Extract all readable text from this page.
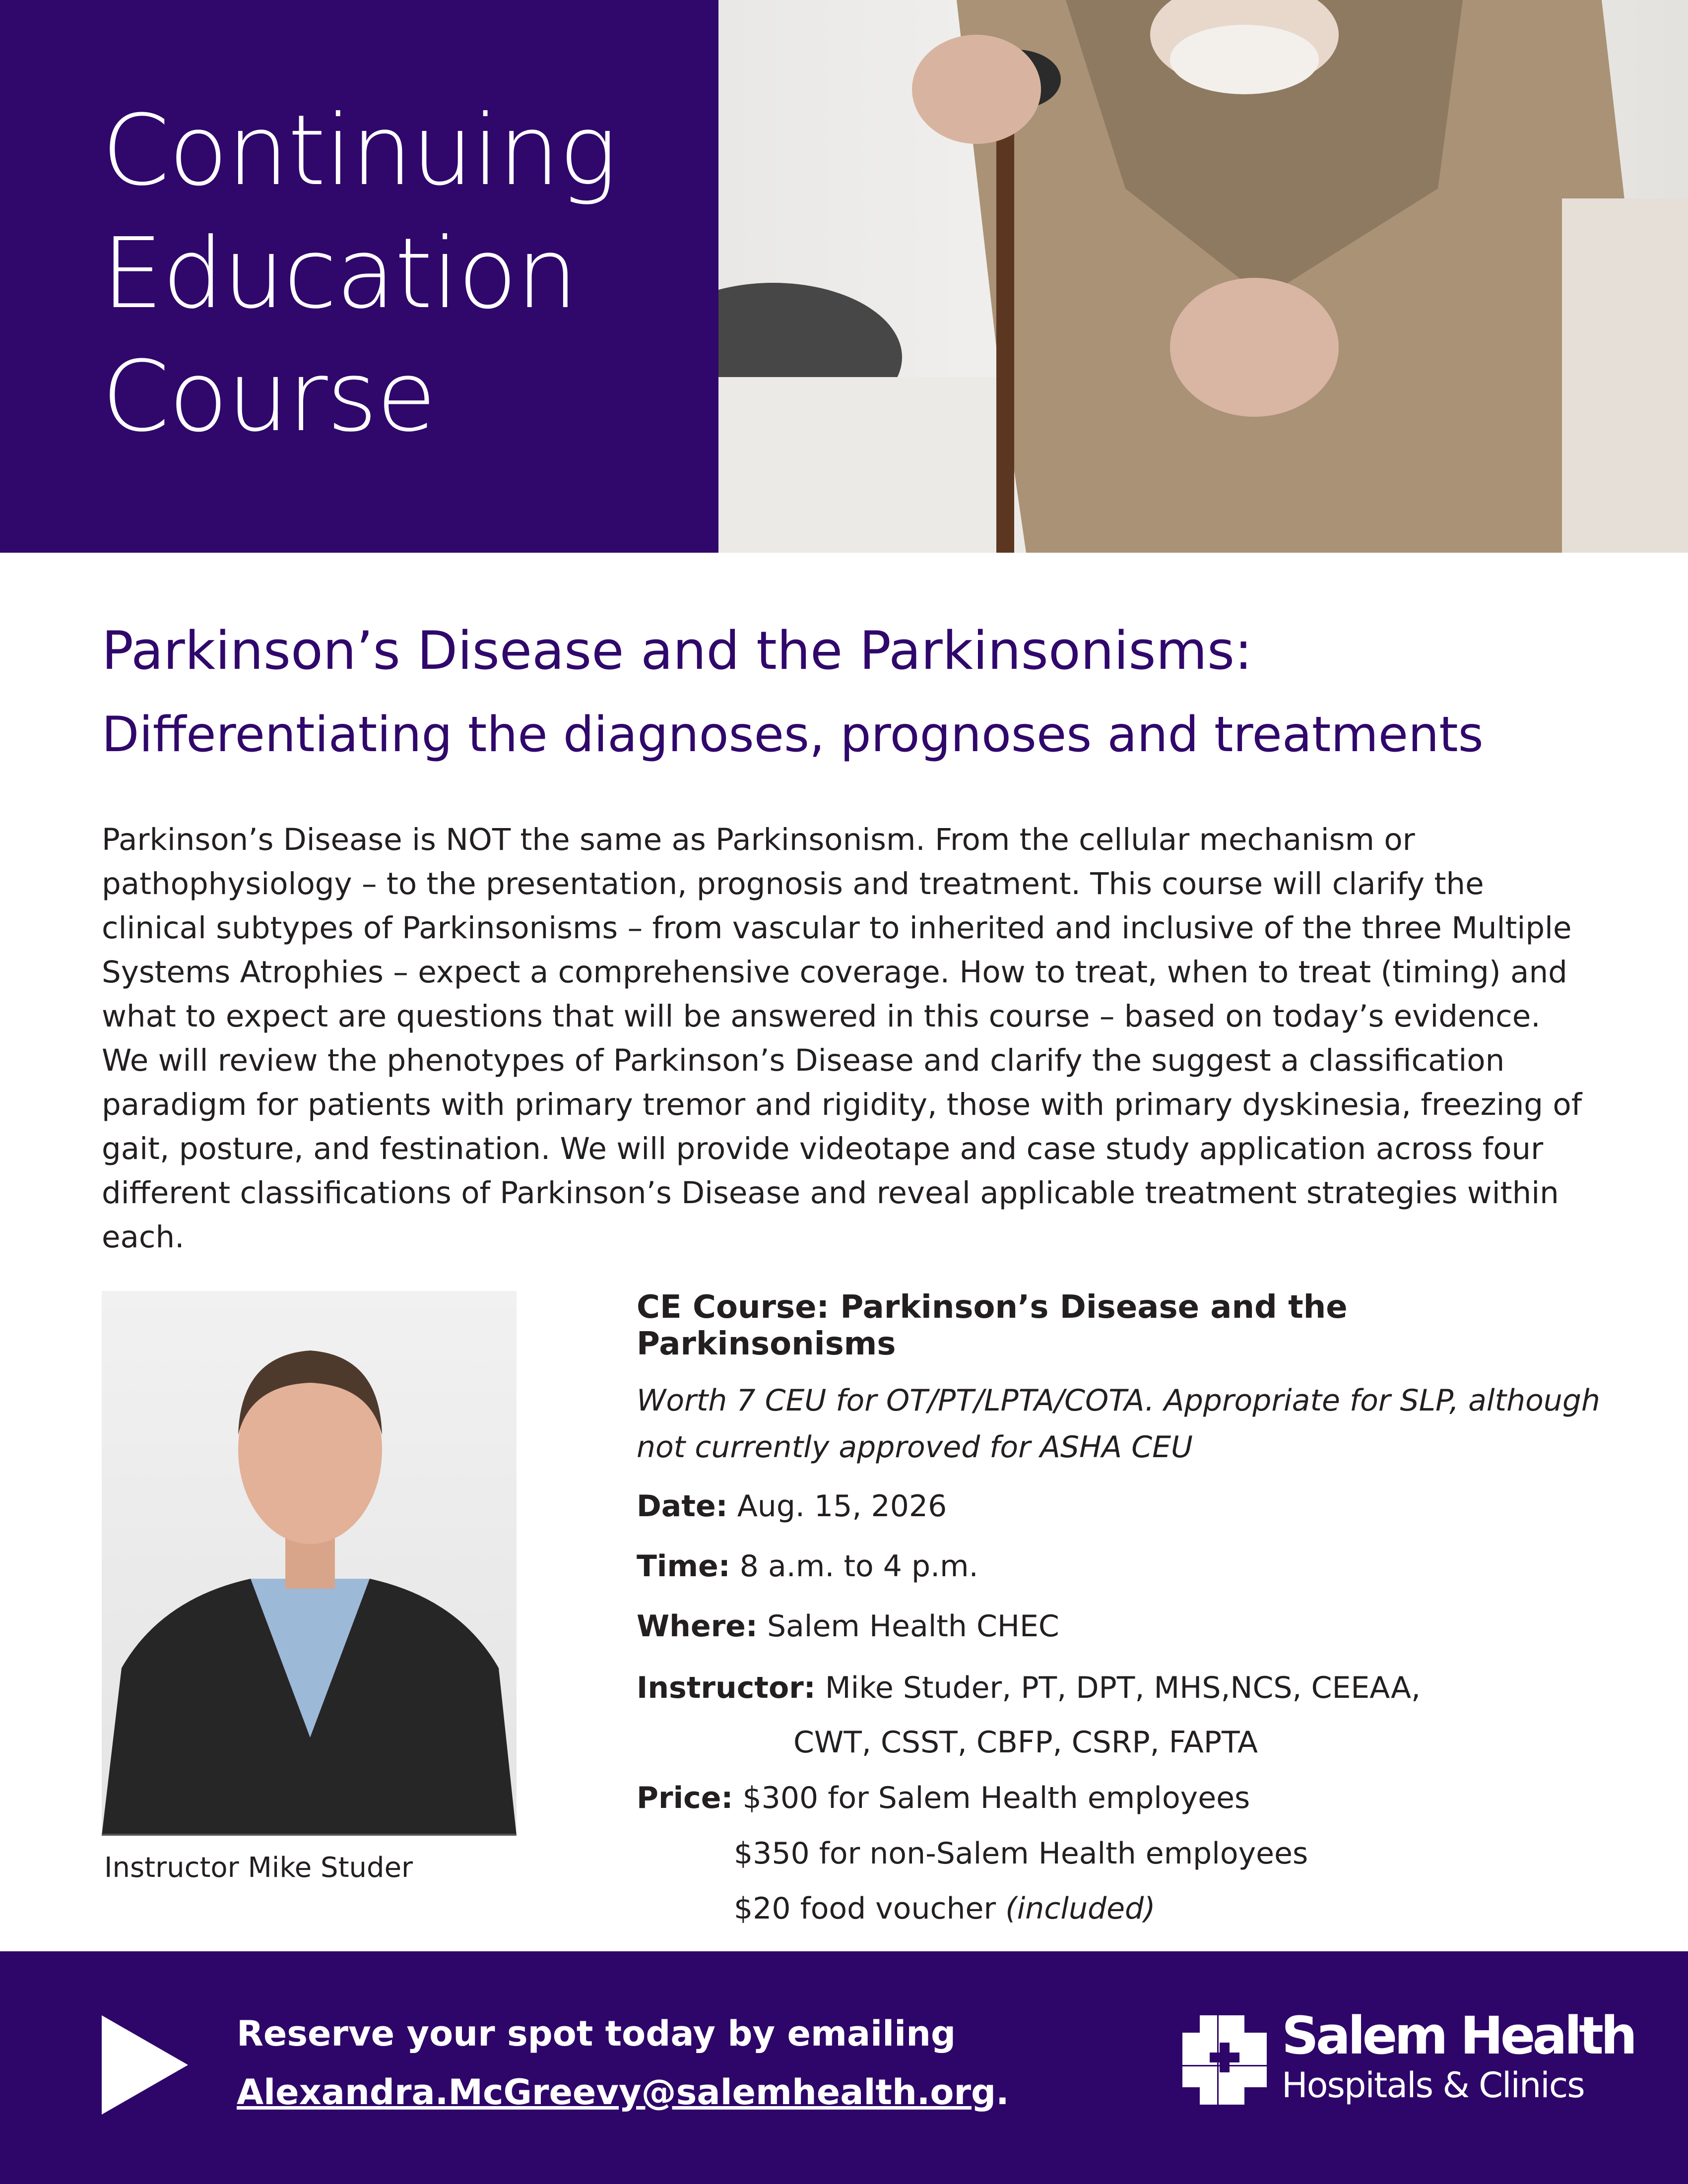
Continuing
Education
Course
Parkinson’s Disease and the Parkinsonisms:
Differentiating the diagnoses, prognoses and treatments

Parkinson’s Disease is NOT the same as Parkinsonism. From the cellular mechanism or pathophysiology – to the presentation, prognosis and treatment. This course will clarify the clinical subtypes of Parkinsonisms – from vascular to inherited and inclusive of the three Multiple Systems Atrophies – expect a comprehensive coverage. How to treat, when to treat (timing) and what to expect are questions that will be answered in this course – based on today’s evidence. We will review the phenotypes of Parkinson’s Disease and clarify the suggest a classification paradigm for patients with primary tremor and rigidity, those with primary dyskinesia, freezing of gait, posture, and festination. We will provide videotape and case study application across four different classifications of Parkinson’s Disease and reveal applicable treatment strategies within each.

Instructor Mike Studer
CE Course: Parkinson’s Disease and the Parkinsonisms
Worth 7 CEU for OT/PT/LPTA/COTA. Appropriate for SLP, although not currently approved for ASHA CEU
Date: Aug. 15, 2026
Time: 8 a.m. to 4 p.m.
Where: Salem Health CHEC
Instructor: Mike Studer, PT, DPT, MHS,NCS, CEEAA,
CWT, CSST, CBFP, CSRP, FAPTA
Price: $300 for Salem Health employees
$350 for non-Salem Health employees
$20 food voucher (included)
Reserve your spot today by emailing
Alexandra.McGreevy@salemhealth.org.
Salem Health
Hospitals & Clinics
